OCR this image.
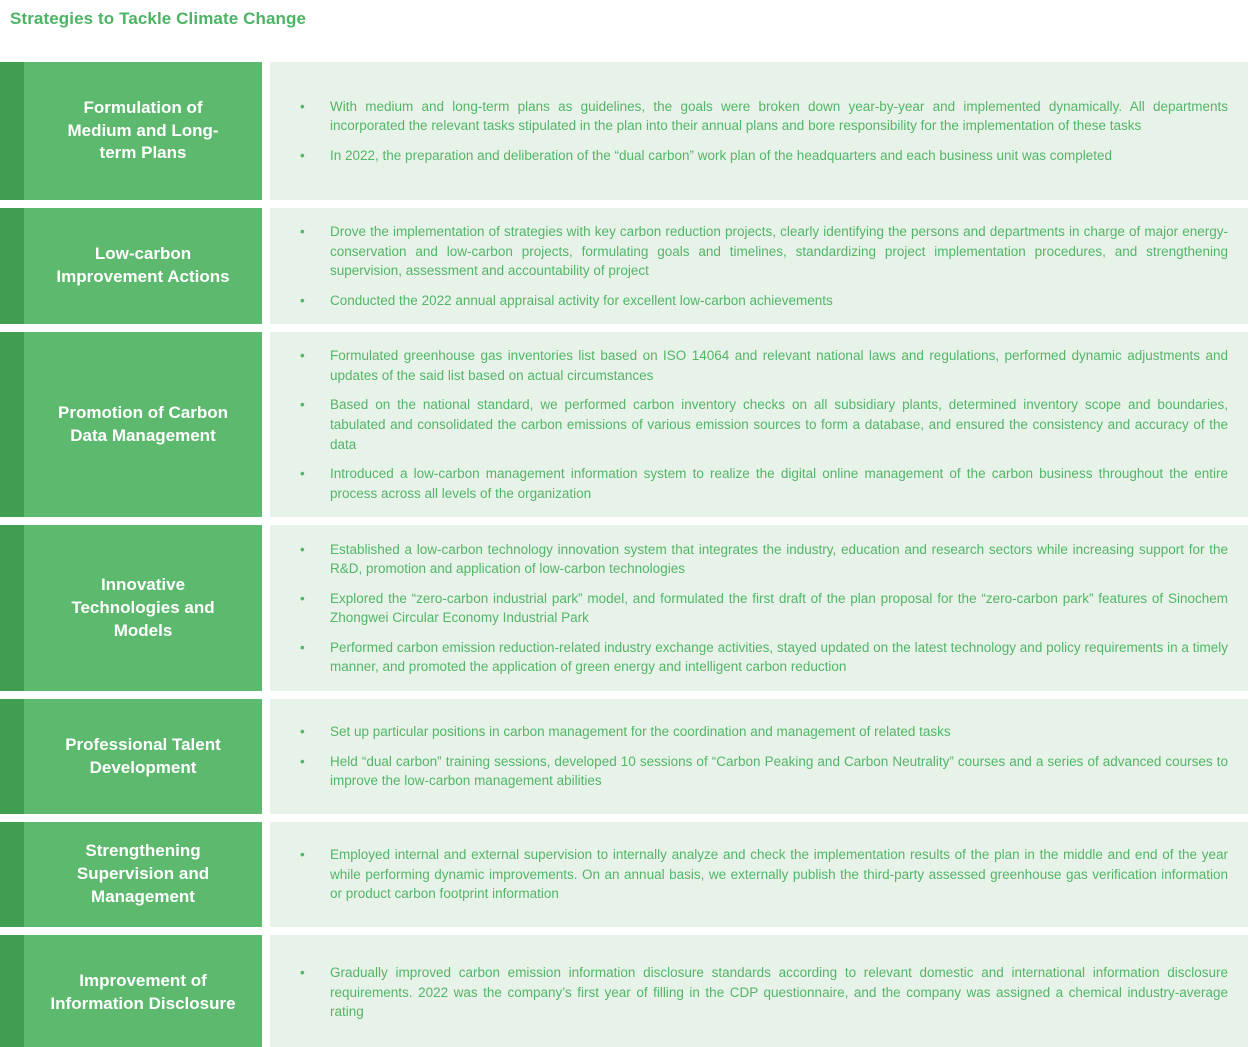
Strategies to Tackle Climate Change
Formulation of Medium and Long-term Plans
•	With medium and long-term plans as guidelines, the goals were broken down year-by-year and implemented dynamically. All departments incorporated the relevant tasks stipulated in the plan into their annual plans and bore responsibility for the implementation of these tasks

•	In 2022, the preparation and deliberation of the “dual carbon” work plan of the headquarters and each business unit was completed

Low-carbon Improvement Actions
•	Drove the implementation of strategies with key carbon reduction projects, clearly identifying the persons and departments in charge of major energy-conservation and low-carbon projects, formulating goals and timelines, standardizing project implementation procedures, and strengthening supervision, assessment and accountability of project

•	Conducted the 2022 annual appraisal activity for excellent low-carbon achievements

Promotion of Carbon Data Management
•	Formulated greenhouse gas inventories list based on ISO 14064 and relevant national laws and regulations, performed dynamic adjustments and updates of the said list based on actual circumstances

•	Based on the national standard, we performed carbon inventory checks on all subsidiary plants, determined inventory scope and boundaries, tabulated and consolidated the carbon emissions of various emission sources to form a database, and ensured the consistency and accuracy of the data

•	Introduced a low-carbon management information system to realize the digital online management of the carbon business throughout the entire process across all levels of the organization

Innovative Technologies and Models
•	Established a low-carbon technology innovation system that integrates the industry, education and research sectors while increasing support for the R&D, promotion and application of low-carbon technologies

•	Explored the “zero-carbon industrial park” model, and formulated the first draft of the plan proposal for the “zero-carbon park” features of Sinochem Zhongwei Circular Economy Industrial Park

•	Performed carbon emission reduction-related industry exchange activities, stayed updated on the latest technology and policy requirements in a timely manner, and promoted the application of green energy and intelligent carbon reduction

Professional Talent Development
•	Set up particular positions in carbon management for the coordination and management of related tasks

•	Held “dual carbon” training sessions, developed 10 sessions of “Carbon Peaking and Carbon Neutrality” courses and a series of advanced courses to improve the low-carbon management abilities

Strengthening Supervision and Management
•	Employed internal and external supervision to internally analyze and check the implementation results of the plan in the middle and end of the year while performing dynamic improvements. On an annual basis, we externally publish the third-party assessed greenhouse gas verification information or product carbon footprint information

Improvement of Information Disclosure
•	Gradually improved carbon emission information disclosure standards according to relevant domestic and international information disclosure requirements. 2022 was the company’s first year of filling in the CDP questionnaire, and the company was assigned a chemical industry-average rating
